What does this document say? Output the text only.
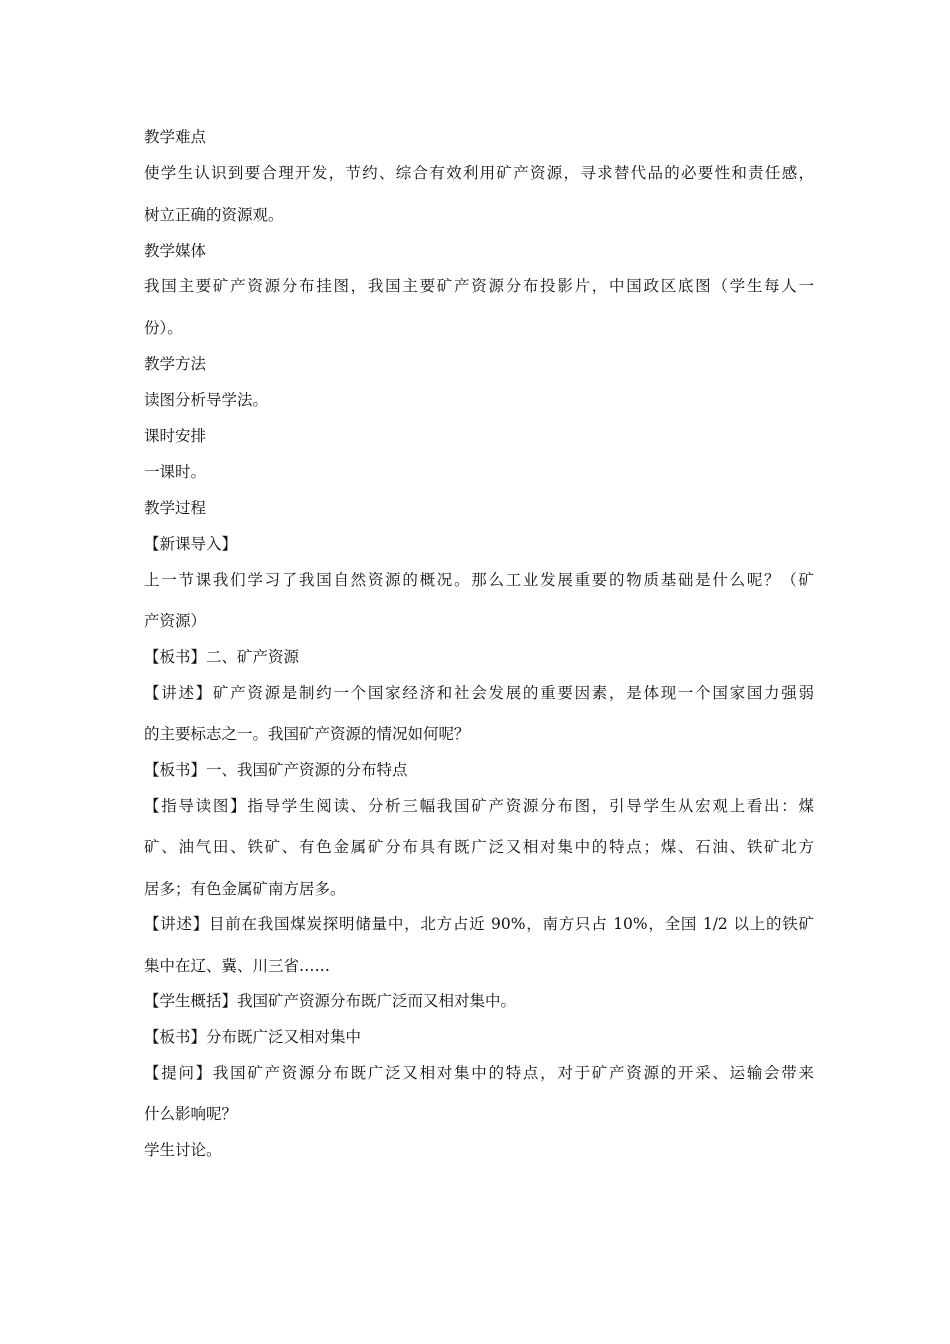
教学难点
使学生认识到要合理开发，节约、综合有效利用矿产资源，寻求替代品的必要性和责任感，
树立正确的资源观。
教学媒体
我国主要矿产资源分布挂图，我国主要矿产资源分布投影片，中国政区底图（学生每人一
份）。
教学方法
读图分析导学法。
课时安排
一课时。
教学过程
【新课导入】
上一节课我们学习了我国自然资源的概况。那么工业发展重要的物质基础是什么呢？（矿
产资源）
【板书】二、矿产资源
【讲述】矿产资源是制约一个国家经济和社会发展的重要因素，是体现一个国家国力强弱
的主要标志之一。我国矿产资源的情况如何呢？
【板书】一、我国矿产资源的分布特点
【指导读图】指导学生阅读、分析三幅我国矿产资源分布图，引导学生从宏观上看出：煤
矿、油气田、铁矿、有色金属矿分布具有既广泛又相对集中的特点；煤、石油、铁矿北方
居多；有色金属矿南方居多。
【讲述】目前在我国煤炭探明储量中，北方占近 90%，南方只占 10%，全国 1/2 以上的铁矿
集中在辽、冀、川三省……
【学生概括】我国矿产资源分布既广泛而又相对集中。
【板书】分布既广泛又相对集中
【提问】我国矿产资源分布既广泛又相对集中的特点，对于矿产资源的开采、运输会带来
什么影响呢？
学生讨论。
